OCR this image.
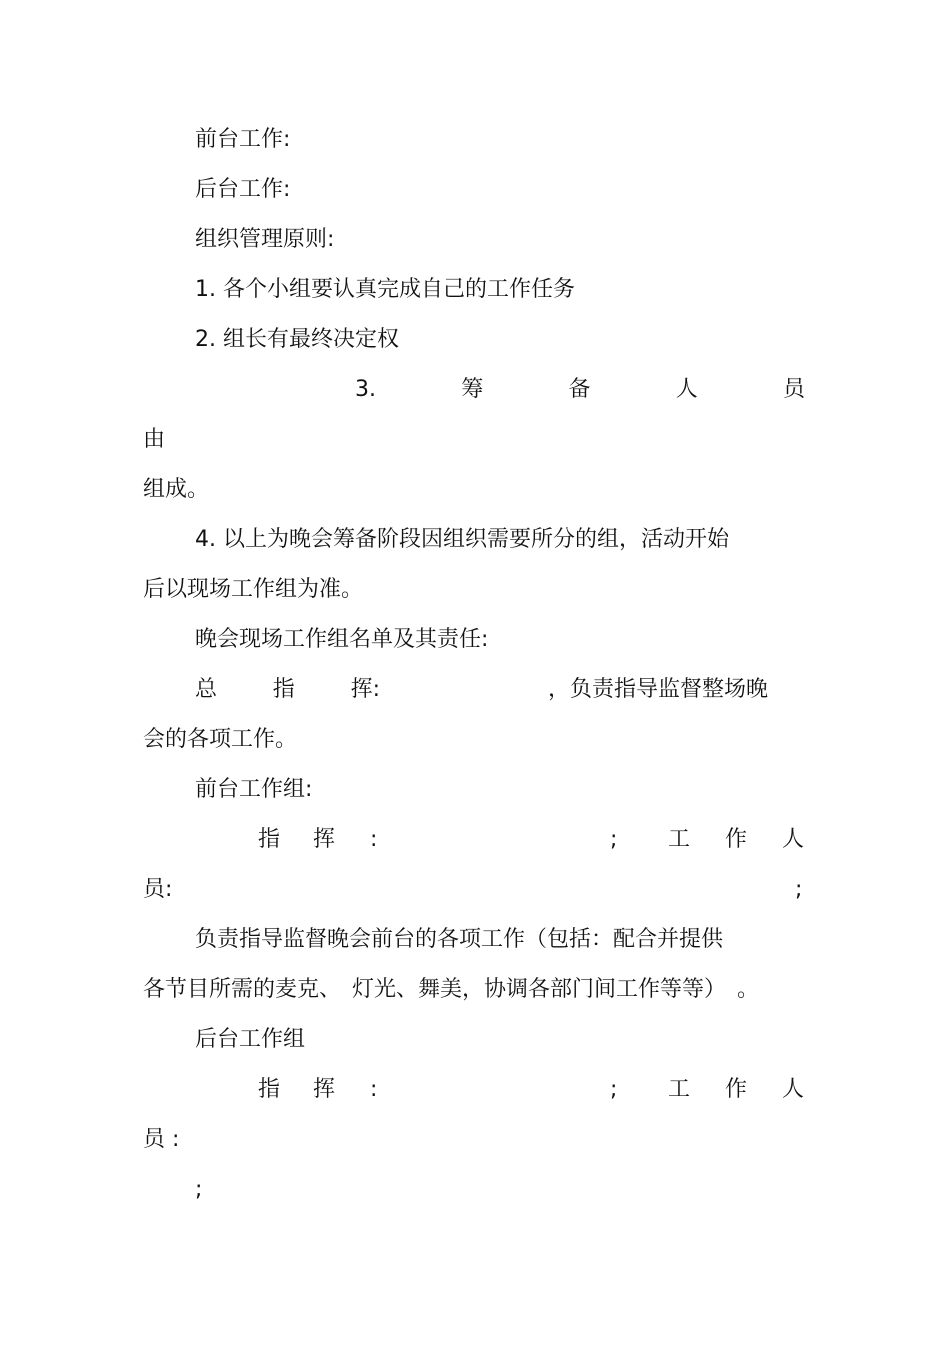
前台工作:
后台工作:
组织管理原则:
1. 各个小组要认真完成自己的工作任务
2. 组长有最终决定权
3.	筹	备	人	员
由
组成。
4. 以上为晚会筹备阶段因组织需要所分的组，活动开始
后以现场工作组为准。
晚会现场工作组名单及其责任:
总	指	挥:	，负责指导监督整场晚
会的各项工作。
前台工作组:
指 挥 :	; 工 作 人
员:	;
负责指导监督晚会前台的各项工作（包括：配合并提供
各节目所需的麦克、　灯光、舞美，协调各部门间工作等等）　。
后台工作组
指 挥 :	; 工 作 人
员 :
;
